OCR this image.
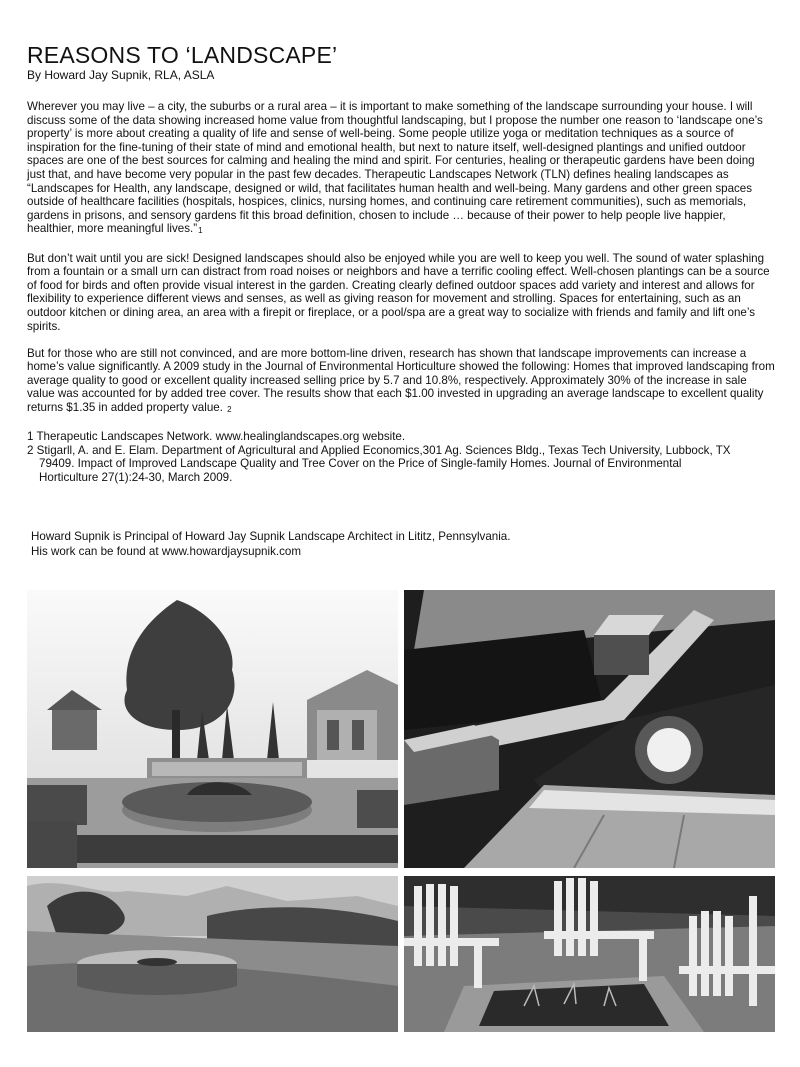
REASONS TO ‘LANDSCAPE’
By Howard Jay Supnik, RLA, ASLA

Wherever you may live – a city, the suburbs or a rural area – it is important to make something of the landscape surrounding your house. I will discuss some of the data showing increased home value from thoughtful landscaping, but I propose the number one reason to ‘landscape one’s property’ is more about creating a quality of life and sense of well-being. Some people utilize yoga or meditation techniques as a source of inspiration for the fine-tuning of their state of mind and emotional health, but next to nature itself, well-designed plantings and unified outdoor spaces are one of the best sources for calming and healing the mind and spirit. For centuries, healing or therapeutic gardens have been doing just that, and have become very popular in the past few decades. Therapeutic Landscapes Network (TLN) defines healing landscapes as “Landscapes for Health, any landscape, designed or wild, that facilitates human health and well-being. Many gardens and other green spaces outside of healthcare facilities (hospitals, hospices, clinics, nursing homes, and continuing care retirement communities), such as memorials, gardens in prisons, and sensory gardens fit this broad definition, chosen to include … because of their power to help people live happier, healthier, more meaningful lives.”1

But don’t wait until you are sick! Designed landscapes should also be enjoyed while you are well to keep you well. The sound of water splashing from a fountain or a small urn can distract from road noises or neighbors and have a terrific cooling effect. Well-chosen plantings can be a source of food for birds and often provide visual interest in the garden. Creating clearly defined outdoor spaces add variety and interest and allows for flexibility to experience different views and senses, as well as giving reason for movement and strolling. Spaces for entertaining, such as an outdoor kitchen or dining area, an area with a firepit or fireplace, or a pool/spa are a great way to socialize with friends and family and lift one’s spirits.

But for those who are still not convinced, and are more bottom-line driven, research has shown that landscape improvements can increase a home’s value significantly. A 2009 study in the Journal of Environmental Horticulture showed the following: Homes that improved landscaping from average quality to good or excellent quality increased selling price by 5.7 and 10.8%, respectively. Approximately 30% of the increase in sale value was accounted for by added tree cover. The results show that each $1.00 invested in upgrading an average landscape to excellent quality returns $1.35 in added property value. 2

1 Therapeutic Landscapes Network. www.healinglandscapes.org website.
2 Stigarll, A. and E. Elam. Department of Agricultural and Applied Economics,301 Ag. Sciences Bldg., Texas Tech University, Lubbock, TX
79409. Impact of Improved Landscape Quality and Tree Cover on the Price of Single-family Homes. Journal of Environmental
Horticulture 27(1):24-30, March 2009.
Howard Supnik is Principal of Howard Jay Supnik Landscape Architect in Lititz, Pennsylvania.
His work can be found at www.howardjaysupnik.com
